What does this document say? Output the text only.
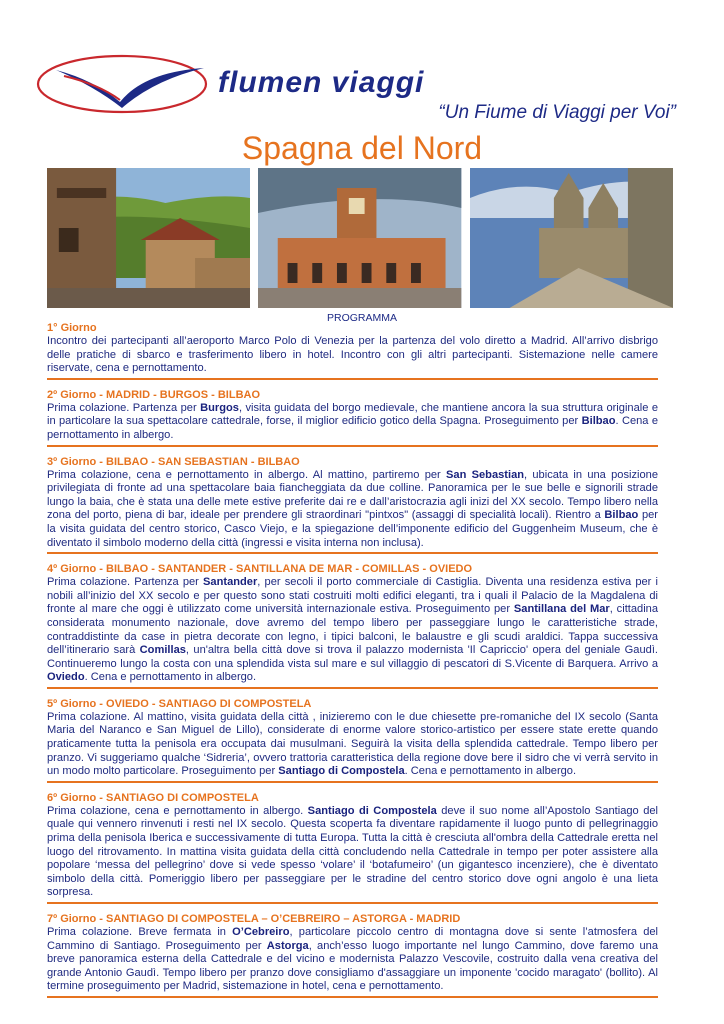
flumen viaggi
“Un Fiume di Viaggi per Voi”
Spagna del Nord
PROGRAMMA
1° Giorno
Incontro dei partecipanti all’aeroporto Marco Polo di Venezia per la partenza del volo diretto a Madrid. All’arrivo disbrigo delle pratiche di sbarco e trasferimento libero in hotel. Incontro con gli altri partecipanti. Sistemazione nelle camere riservate, cena e pernottamento.
2º Giorno - MADRID - BURGOS - BILBAO
Prima colazione. Partenza per Burgos, visita guidata del borgo medievale, che mantiene ancora la sua struttura originale e in particolare la sua spettacolare cattedrale, forse, il miglior edificio gotico della Spagna. Proseguimento per Bilbao. Cena e pernottamento in albergo.
3º Giorno - BILBAO - SAN SEBASTIAN - BILBAO
Prima colazione, cena e pernottamento in albergo. Al mattino, partiremo per San Sebastian, ubicata in una posizione privilegiata di fronte ad una spettacolare baia fiancheggiata da due colline. Panoramica per le sue belle e signorili strade lungo la baia, che è stata una delle mete estive preferite dai re e dall’aristocrazia agli inizi del XX secolo. Tempo libero nella zona del porto, piena di bar, ideale per prendere gli straordinari "pintxos" (assaggi di specialità locali). Rientro a Bilbao per la visita guidata del centro storico, Casco Viejo, e la spiegazione dell’imponente edificio del Guggenheim Museum, che è diventato il simbolo moderno della città (ingressi e visita interna non inclusa).
4º Giorno - BILBAO - SANTANDER - SANTILLANA DE MAR - COMILLAS - OVIEDO
Prima colazione. Partenza per Santander, per secoli il porto commerciale di Castiglia. Diventa una residenza estiva per i nobili all’inizio del XX secolo e per questo sono stati costruiti molti edifici eleganti, tra i quali il Palacio de la Magdalena di fronte al mare che oggi è utilizzato come università internazionale estiva. Proseguimento per Santillana del Mar, cittadina considerata monumento nazionale, dove avremo del tempo libero per passeggiare lungo le caratteristiche strade, contraddistinte da case in pietra decorate con legno, i tipici balconi, le balaustre e gli scudi araldici. Tappa successiva dell’itinerario sarà Comillas, un'altra bella città dove si trova il palazzo modernista 'Il Capriccio' opera del geniale Gaudì. Continueremo lungo la costa con una splendida vista sul mare e sul villaggio di pescatori di S.Vicente di Barquera. Arrivo a Oviedo. Cena e pernottamento in albergo.
5º Giorno - OVIEDO - SANTIAGO DI COMPOSTELA
Prima colazione. Al mattino, visita guidata della città , inizieremo con le due chiesette pre-romaniche del IX secolo (Santa Maria del Naranco e San Miguel de Lillo), considerate di enorme valore storico-artistico per essere state erette quando praticamente tutta la penisola era occupata dai musulmani. Seguirà la visita della splendida cattedrale. Tempo libero per pranzo. Vi suggeriamo qualche ‘Sidreria’, ovvero trattoria caratteristica della regione dove bere il sidro che vi verrà servito in un modo molto particolare. Proseguimento per Santiago di Compostela. Cena e pernottamento in albergo.
6º Giorno - SANTIAGO DI COMPOSTELA
Prima colazione, cena e pernottamento in albergo. Santiago di Compostela deve il suo nome all’Apostolo Santiago del quale qui vennero rinvenuti i resti nel IX secolo. Questa scoperta fa diventare rapidamente il luogo punto di pellegrinaggio prima della penisola Iberica e successivamente di tutta Europa. Tutta la città è cresciuta all'ombra della Cattedrale eretta nel luogo del ritrovamento. In mattina visita guidata della città concludendo nella Cattedrale in tempo per poter assistere alla popolare ‘messa del pellegrino’ dove si vede spesso ‘volare’ il ‘botafumeiro’ (un gigantesco incenziere), che è diventato simbolo della città. Pomeriggio libero per passeggiare per le stradine del centro storico dove ogni angolo è una lieta sorpresa.
7º Giorno - SANTIAGO DI COMPOSTELA – O’CEBREIRO – ASTORGA - MADRID
Prima colazione. Breve fermata in O’Cebreiro, particolare piccolo centro di montagna dove si sente l’atmosfera del Cammino di Santiago. Proseguimento per Astorga, anch’esso luogo importante nel lungo Cammino, dove faremo una breve panoramica esterna della Cattedrale e del vicino e modernista Palazzo Vescovile, costruito dalla vena creativa del grande Antonio Gaudì. Tempo libero per pranzo dove consigliamo d'assaggiare un imponente 'cocido maragato' (bollito). Al termine proseguimento per Madrid, sistemazione in hotel, cena e pernottamento.
